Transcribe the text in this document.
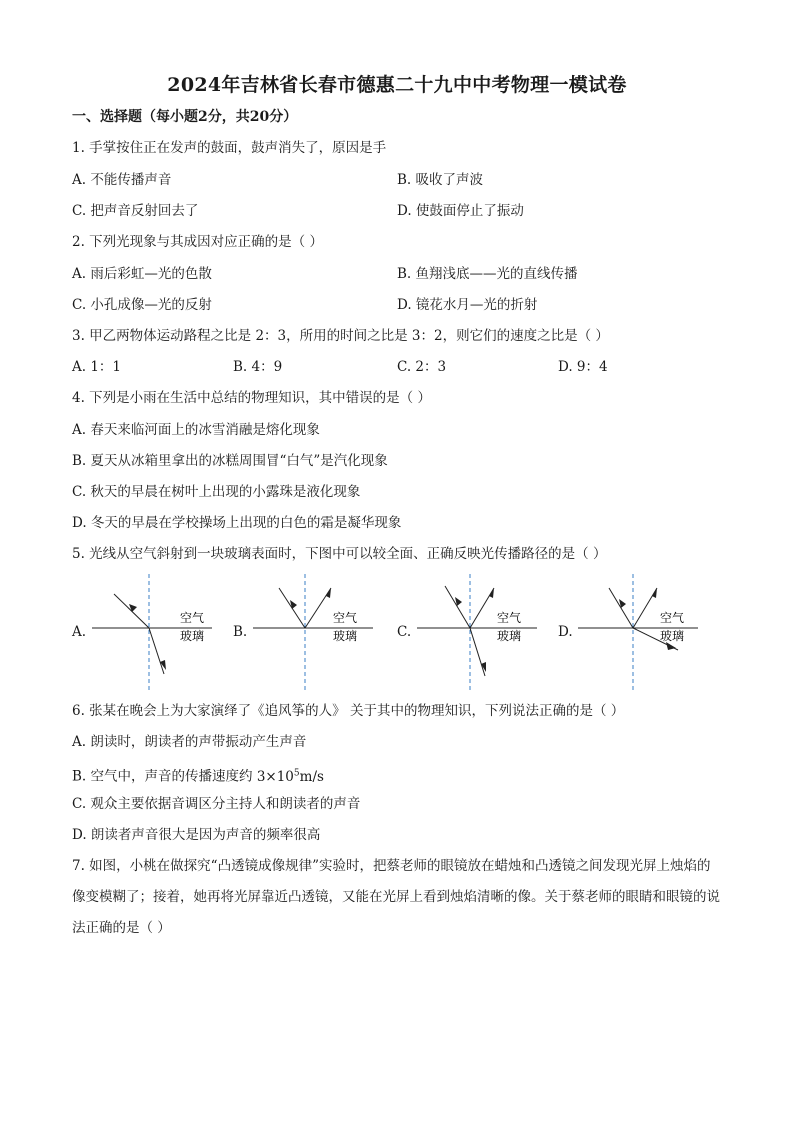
2024年吉林省长春市德惠二十九中中考物理一模试卷
一、选择题（每小题2分，共20分）
1. 手掌按住正在发声的鼓面，鼓声消失了，原因是手
A. 不能传播声音	B. 吸收了声波
C. 把声音反射回去了	D. 使鼓面停止了振动
2. 下列光现象与其成因对应正确的是（ ）
A. 雨后彩虹—光的色散	B. 鱼翔浅底——光的直线传播
C. 小孔成像—光的反射	D. 镜花水月—光的折射
3. 甲乙两物体运动路程之比是 2：3，所用的时间之比是 3：2，则它们的速度之比是（ ）
A. 1：1	B. 4：9	C. 2：3	D. 9：4
4. 下列是小雨在生活中总结的物理知识，其中错误的是（ ）
A. 春天来临河面上的冰雪消融是熔化现象
B. 夏天从冰箱里拿出的冰糕周围冒“白气”是汽化现象
C. 秋天的早晨在树叶上出现的小露珠是液化现象
D. 冬天的早晨在学校操场上出现的白色的霜是凝华现象
5. 光线从空气斜射到一块玻璃表面时，下图中可以较全面、正确反映光传播路径的是（ ）
A.
空气
玻璃 B.
空气
玻璃	C.
空气
玻璃	D.
空气
玻璃
6. 张某在晚会上为大家演绎了《追风筝的人》 关于其中的物理知识，下列说法正确的是（ ）
A. 朗读时，朗读者的声带振动产生声音
B. 空气中，声音的传播速度约 $3\times 10^5m/s$
C. 观众主要依据音调区分主持人和朗读者的声音
D. 朗读者声音很大是因为声音的频率很高
7. 如图，小桃在做探究“凸透镜成像规律”实验时，把蔡老师的眼镜放在蜡烛和凸透镜之间发现光屏上烛焰的像变模糊了；接着，她再将光屏靠近凸透镜，又能在光屏上看到烛焰清晰的像。关于蔡老师的眼睛和眼镜的说法正确的是（ ）
